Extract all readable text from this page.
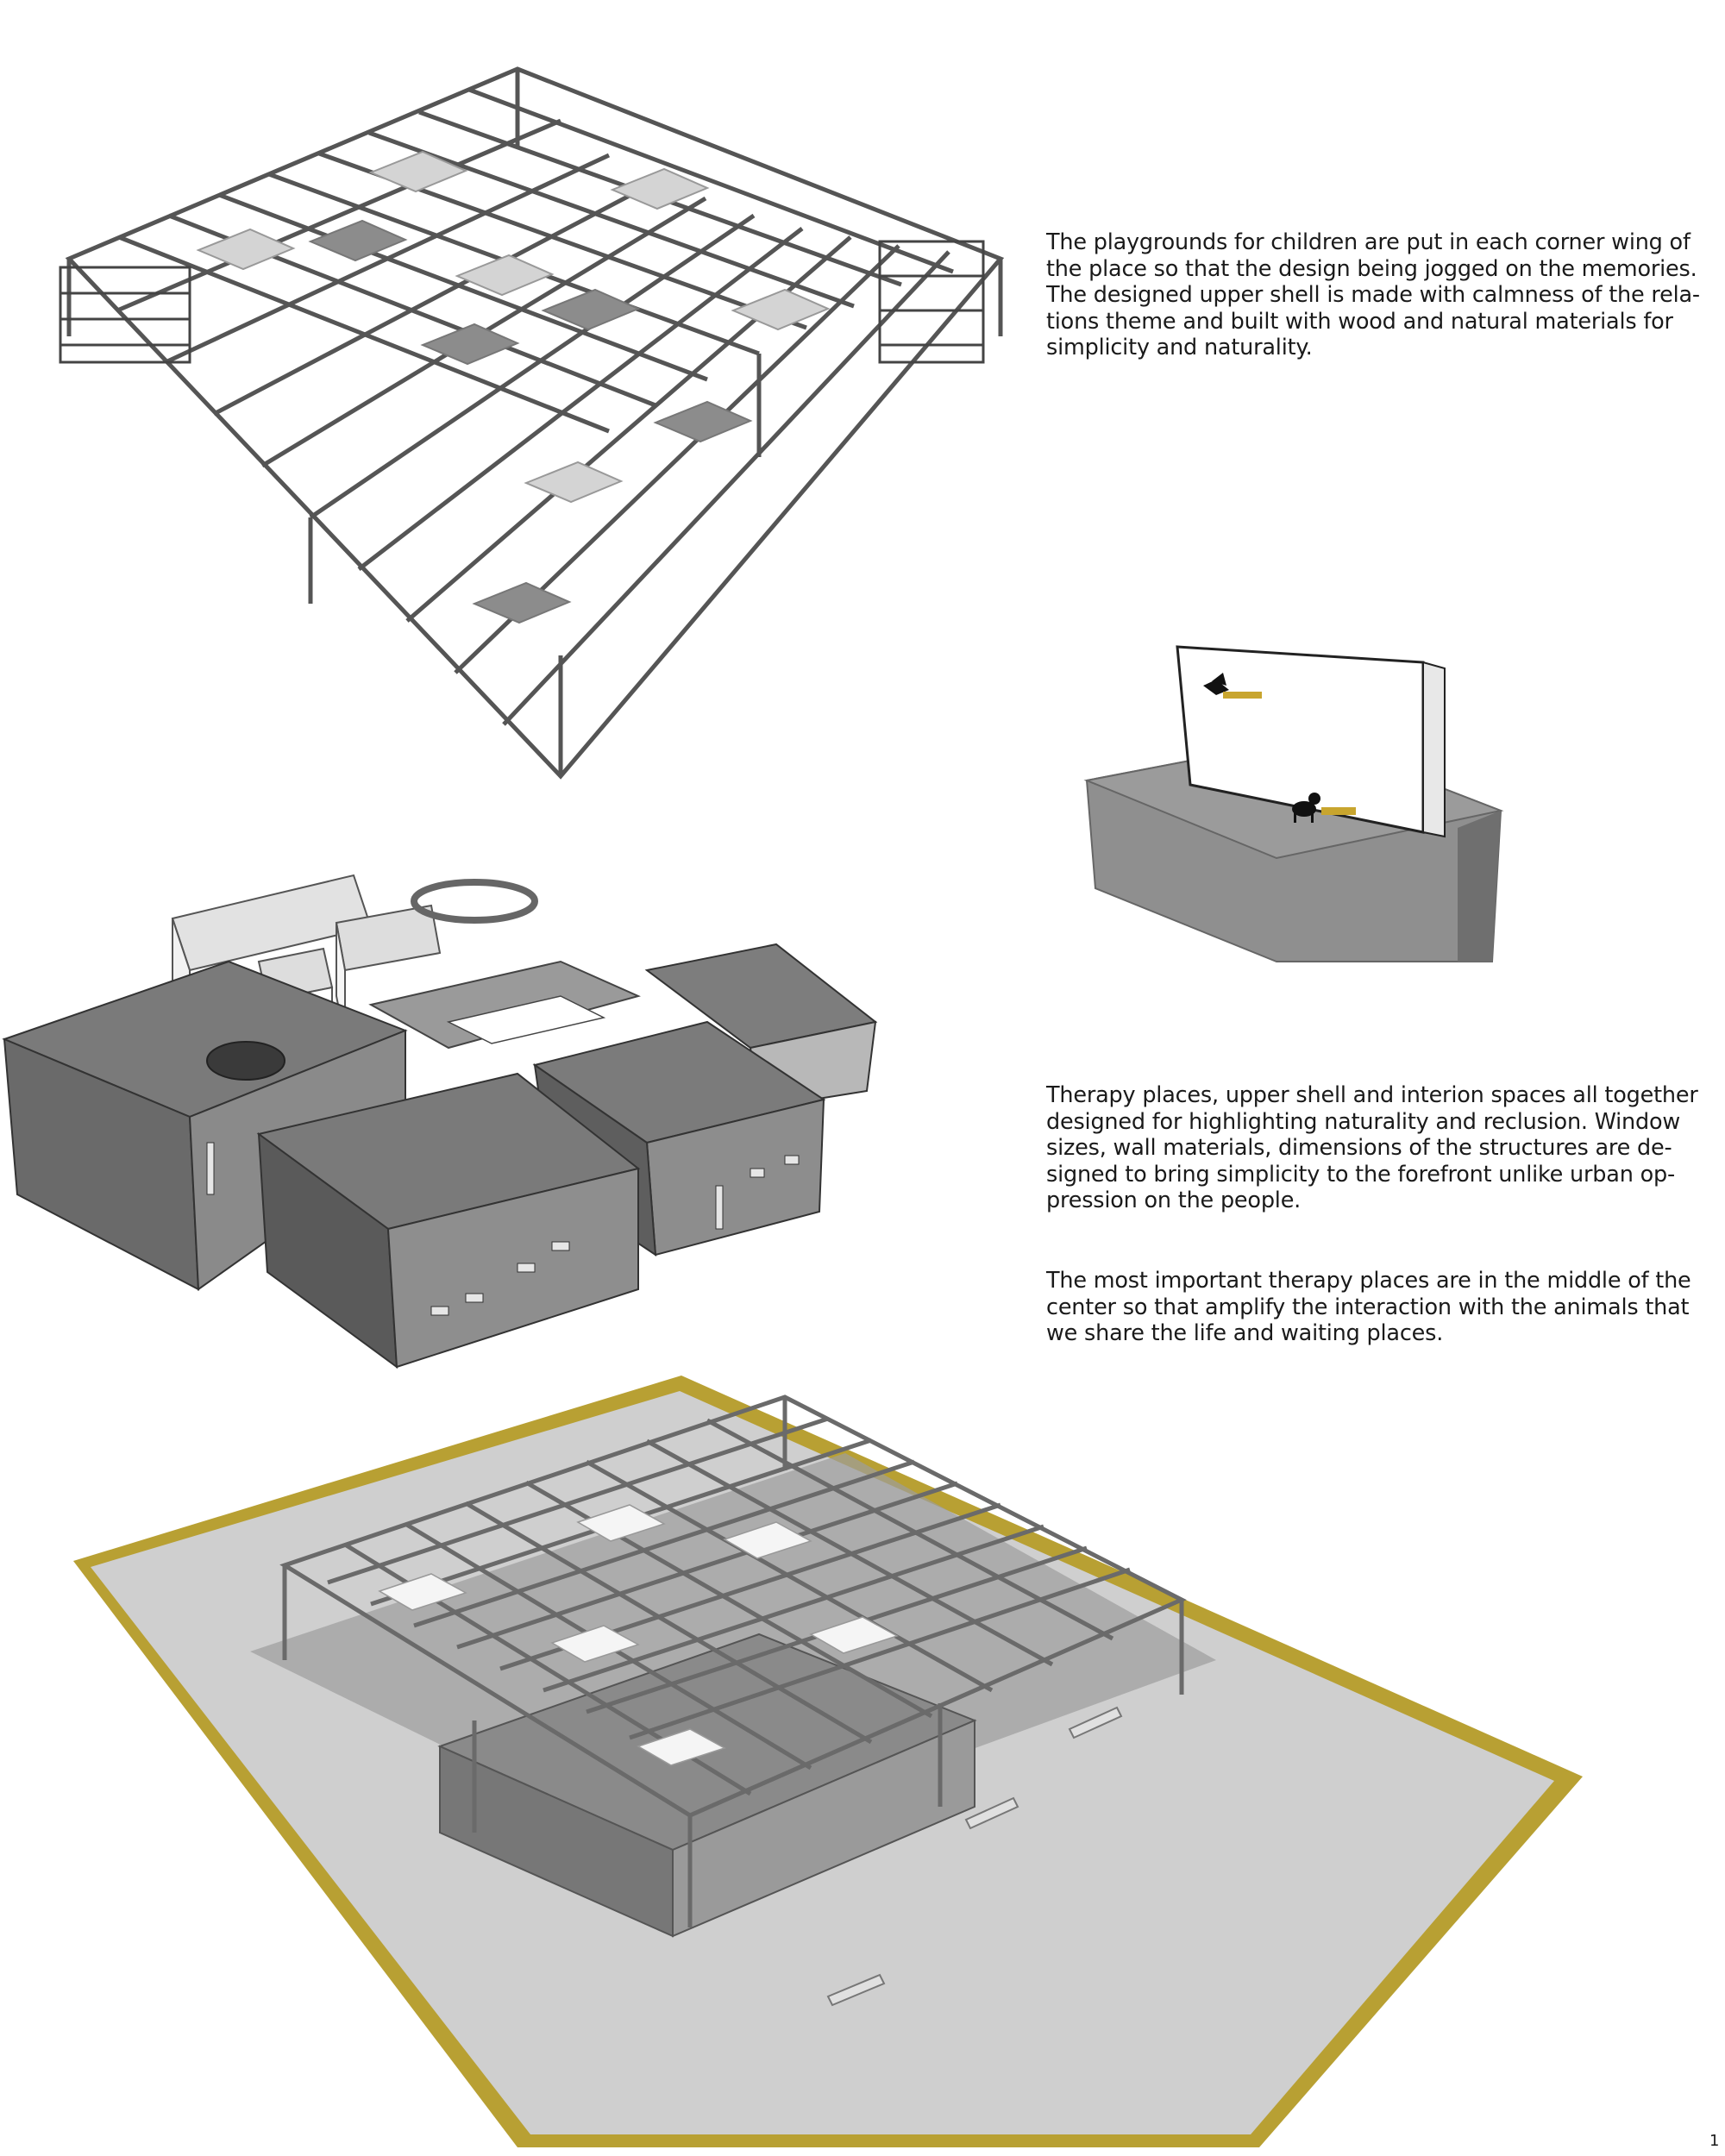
The playgrounds for children are put in each corner wing of
the place so that the design being jogged on the memories.
The designed upper shell is made with calmness of the rela-
tions theme and built with wood and natural materials for
simplicity and naturality.

Therapy places, upper shell and interion spaces all together
designed for highlighting naturality and reclusion. Window
sizes, wall materials, dimensions of the structures are de-
signed to bring simplicity to the forefront unlike urban op-
pression on the people.

The most important therapy places are in the middle of the
center so that amplify the interaction with the animals that
we share the life and waiting places.

1
